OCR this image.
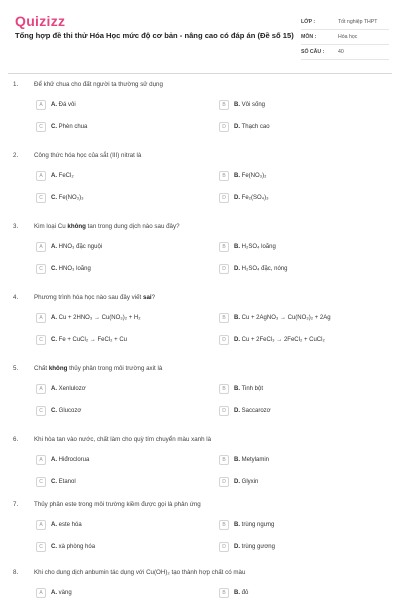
Quizizz
Tổng hợp đề thi thử Hóa Học mức độ cơ bản - nâng cao có đáp án (Đề số 15)
LỚP :	Tốt nghiệp THPT
MÔN :	Hóa học
SỐ CÂU :	40
1.	Để khử chua cho đất người ta thường sử dụng
A	A. Đá vôi	B	B. Vôi sống
C	C. Phèn chua	D	D. Thạch cao
2.	Công thức hóa học của sắt (III) nitrat là
A	A. FeCl₂	B	B. Fe(NO₃)₂
C	C. Fe(NO₃)₃	D	D. Fe₂(SO₄)₃
3.	Kim loại Cu không tan trong dung dịch nào sau đây?
A	A. HNO₃ đặc nguội	B	B. H₂SO₄ loãng
C	C. HNO₃ loãng	D	D. H₂SO₄ đặc, nóng
4.	Phương trình hóa học nào sau đây viết sai?
A	A. Cu + 2HNO₃ → Cu(NO₃)₂ + H₂	B	B. Cu + 2AgNO₃ → Cu(NO₃)₂ + 2Ag
C	C. Fe + CuCl₂ → FeCl₂ + Cu	D	D. Cu + 2FeCl₃ → 2FeCl₂ + CuCl₂
5.	Chất không thủy phân trong môi trường axit là
A	A. Xenlulozơ	B	B. Tinh bột
C	C. Glucozơ	D	D. Saccarozơ
6.	Khi hòa tan vào nước, chất làm cho quỳ tím chuyển màu xanh là
A	A. Hiđroclorua	B	B. Metylamin
C	C. Etanol	D	D. Glyxin
7.	Thủy phân este trong môi trường kiềm được gọi là phản ứng
A	A. este hóa	B	B. trùng ngưng
C	C. xà phòng hóa	D	D. trùng gương
8.	Khi cho dung dịch anbumin tác dụng với Cu(OH)₂ tạo thành hợp chất có màu
A	A. vàng	B	B. đỏ
